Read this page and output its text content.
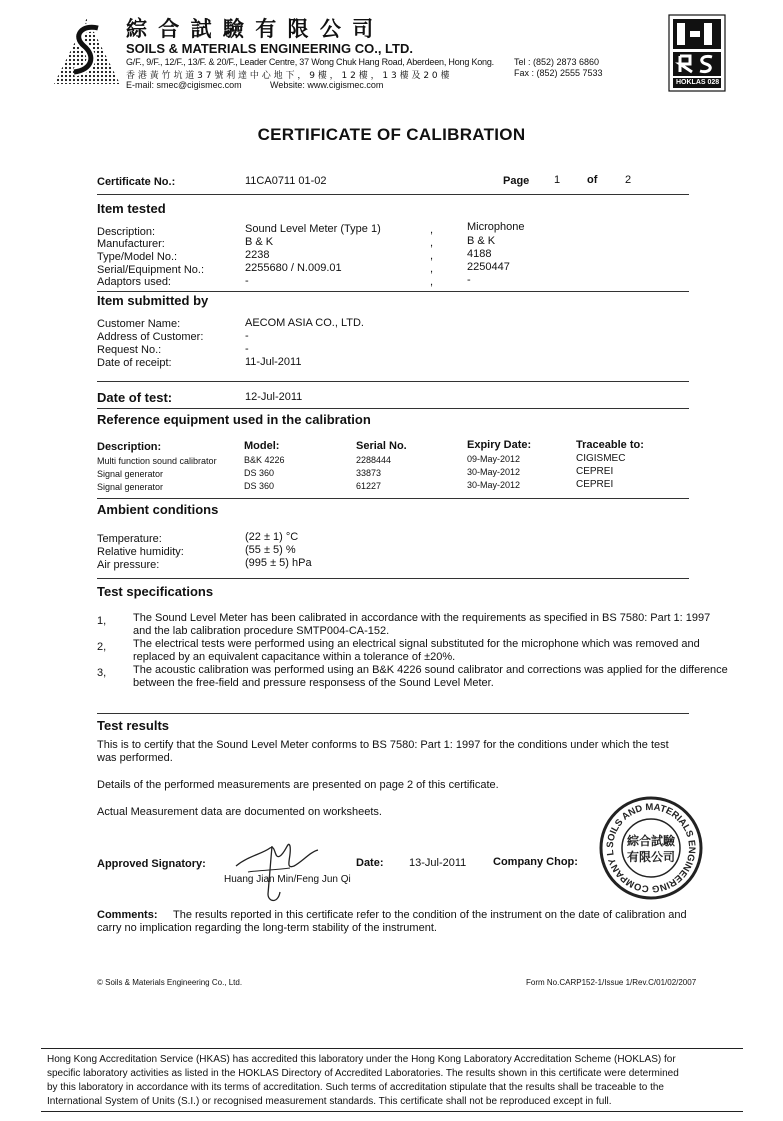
綜 合 試 驗 有 限 公 司
SOILS & MATERIALS ENGINEERING CO., LTD.
G/F., 9/F., 12/F., 13/F. & 20/F., Leader Centre, 37 Wong Chuk Hang Road, Aberdeen, Hong Kong.
香 港 黃 竹 坑 道 3 7 號 利 達 中 心 地 下 ， 9 樓 ， 1 2 樓 ， 1 3 樓 及 2 0 樓
E-mail: smec@cigismec.com	Website: www.cigismec.com
Tel : (852) 2873 6860
Fax : (852) 2555 7533
HOKLAS 028
CERTIFICATE OF CALIBRATION
Certificate No.:	11CA0711 01-02	Page 1 of	2
Item tested
Description:	Sound Level Meter (Type 1)	,	Microphone
Manufacturer:	B & K	,	B & K
Type/Model No.:	2238	,	4188
Serial/Equipment No.:	2255680 / N.009.01	,	2250447
Adaptors used:	-	,	-
Item submitted by
Customer Name:	AECOM ASIA CO., LTD.
Address of Customer:	-
Request No.:	-
Date of receipt:	11-Jul-2011
Date of test:	12-Jul-2011
Reference equipment used in the calibration
Description:	Model:	Serial No.	Expiry Date:	Traceable to:
Multi function sound calibrator	B&K 4226	2288444	09-May-2012	CIGISMEC
Signal generator	DS 360	33873	30-May-2012	CEPREI
Signal generator	DS 360	61227	30-May-2012	CEPREI
Ambient conditions
Temperature:	(22 ± 1) °C
Relative humidity:	(55 ± 5) %
Air pressure:	(995 ± 5) hPa
Test specifications
1, The Sound Level Meter has been calibrated in accordance with the requirements as specified in BS 7580: Part 1: 1997
and the lab calibration procedure SMTP004-CA-152.
2, The electrical tests were performed using an electrical signal substituted for the microphone which was removed and
replaced by an equivalent capacitance within a tolerance of ±20%.
3, The acoustic calibration was performed using an B&K 4226 sound calibrator and corrections was applied for the difference
between the free-field and pressure responsess of the Sound Level Meter.
Test results
This is to certify that the Sound Level Meter conforms to BS 7580: Part 1: 1997 for the conditions under which the test
was performed.
Details of the performed measurements are presented on page 2 of this certificate.
Actual Measurement data are documented on worksheets.
Approved Signatory:
Huang Jian Min/Feng Jun Qi
Date: 13-Jul-2011 Company Chop:
SOILS AND MATERIALS ENGINEERING COMPANY L
綜合試驗
有限公司
Comments: The results reported in this certificate refer to the condition of the instrument on the date of calibration and
carry no implication regarding the long-term stability of the instrument.
© Soils & Materials Engineering Co., Ltd.	Form No.CARP152-1/Issue 1/Rev.C/01/02/2007
Hong Kong Accreditation Service (HKAS) has accredited this laboratory under the Hong Kong Laboratory Accreditation Scheme (HOKLAS) for
specific laboratory activities as listed in the HOKLAS Directory of Accredited Laboratories. The results shown in this certificate were determined
by this laboratory in accordance with its terms of accreditation. Such terms of accreditation stipulate that the results shall be traceable to the
International System of Units (S.I.) or recognised measurement standards. This certificate shall not be reproduced except in full.
